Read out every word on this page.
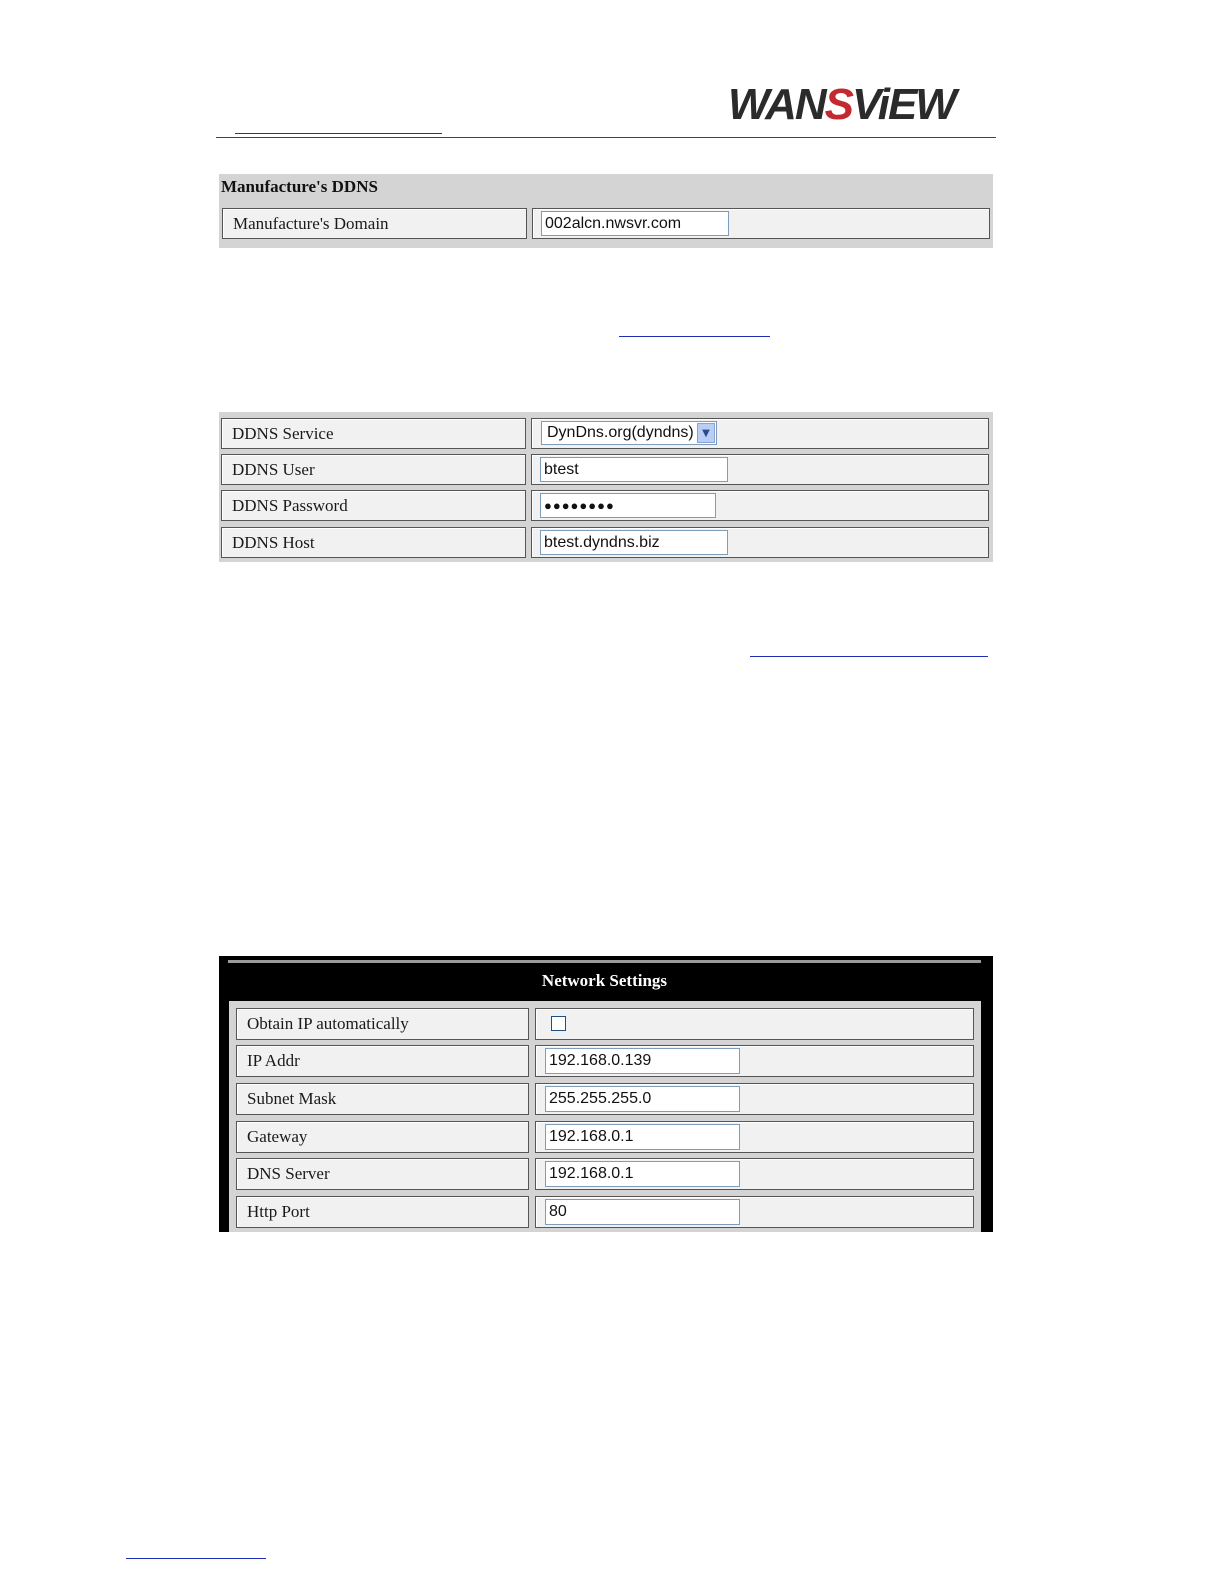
WANSViEW
Manufacture's DDNS
Manufacture's Domain	002alcn.nwsvr.com
DDNS Service	DynDns.org(dyndns) ▼
DDNS User	btest
DDNS Password	●●●●●●●●
DDNS Host	btest.dyndns.biz
Network Settings
Obtain IP automatically
IP Addr	192.168.0.139
Subnet Mask	255.255.255.0
Gateway	192.168.0.1
DNS Server	192.168.0.1
Http Port	80
